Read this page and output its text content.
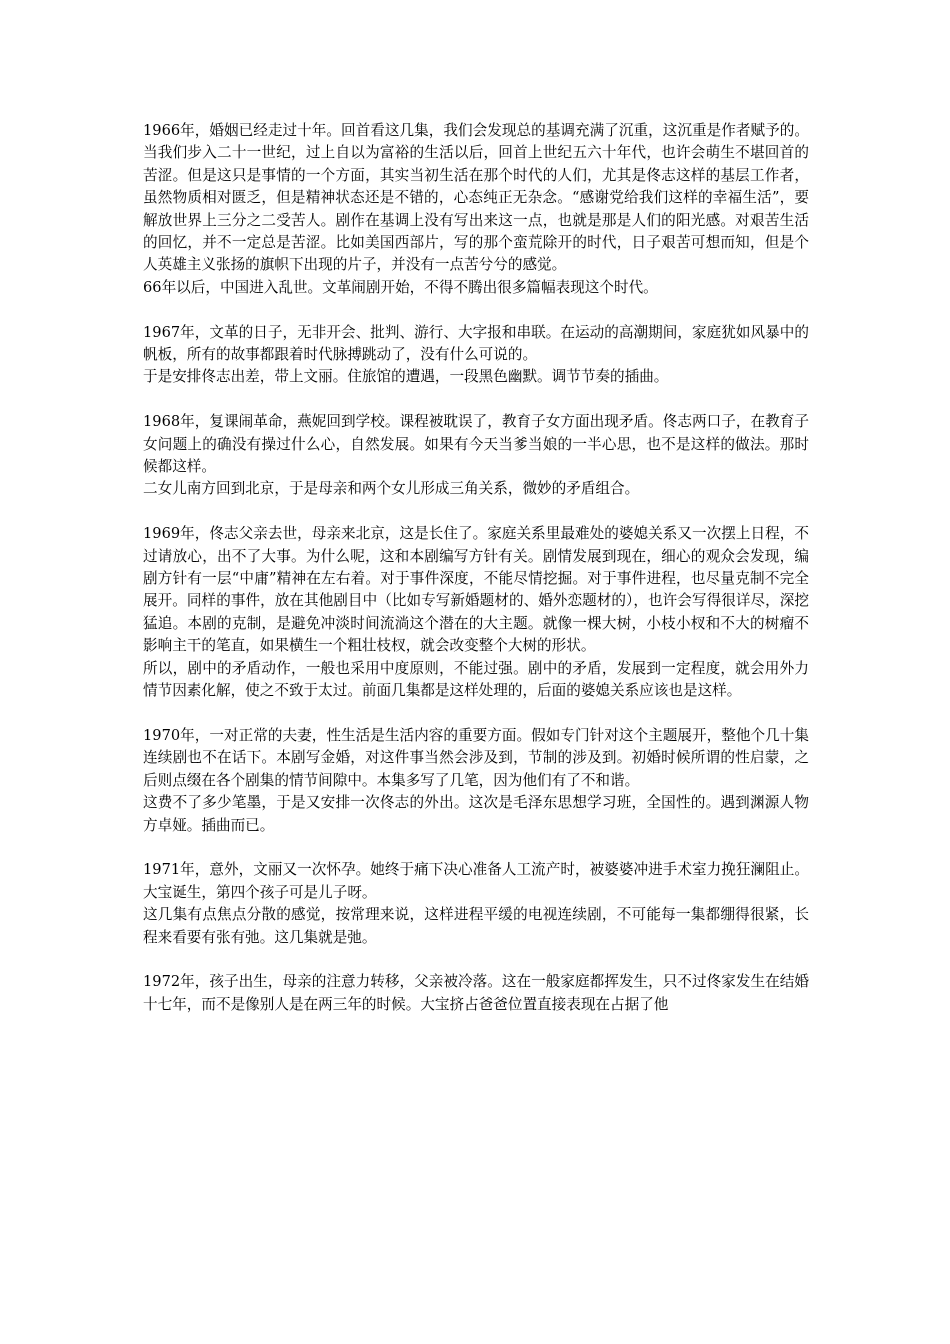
1966年，婚姻已经走过十年。回首看这几集，我们会发现总的基调充满了沉重，这沉重是作者赋予的。当我们步入二十一世纪，过上自以为富裕的生活以后，回首上世纪五六十年代，也许会萌生不堪回首的苦涩。但是这只是事情的一个方面，其实当初生活在那个时代的人们，尤其是佟志这样的基层工作者，虽然物质相对匮乏，但是精神状态还是不错的，心态纯正无杂念。“感谢党给我们这样的幸福生活”，要解放世界上三分之二受苦人。剧作在基调上没有写出来这一点，也就是那是人们的阳光感。对艰苦生活的回忆，并不一定总是苦涩。比如美国西部片，写的那个蛮荒除开的时代，日子艰苦可想而知，但是个人英雄主义张扬的旗帜下出现的片子，并没有一点苦兮兮的感觉。

66年以后，中国进入乱世。文革闹剧开始，不得不腾出很多篇幅表现这个时代。

1967年，文革的日子，无非开会、批判、游行、大字报和串联。在运动的高潮期间，家庭犹如风暴中的帆板，所有的故事都跟着时代脉搏跳动了，没有什么可说的。

于是安排佟志出差，带上文丽。住旅馆的遭遇，一段黑色幽默。调节节奏的插曲。

1968年，复课闹革命，燕妮回到学校。课程被耽误了，教育子女方面出现矛盾。佟志两口子，在教育子女问题上的确没有操过什么心，自然发展。如果有今天当爹当娘的一半心思，也不是这样的做法。那时候都这样。

二女儿南方回到北京，于是母亲和两个女儿形成三角关系，微妙的矛盾组合。

1969年，佟志父亲去世，母亲来北京，这是长住了。家庭关系里最难处的婆媳关系又一次摆上日程，不过请放心，出不了大事。为什么呢，这和本剧编写方针有关。剧情发展到现在，细心的观众会发现，编剧方针有一层“中庸”精神在左右着。对于事件深度，不能尽情挖掘。对于事件进程，也尽量克制不完全展开。同样的事件，放在其他剧目中（比如专写新婚题材的、婚外恋题材的），也许会写得很详尽，深挖猛追。本剧的克制，是避免冲淡时间流淌这个潜在的大主题。就像一棵大树，小枝小杈和不大的树瘤不影响主干的笔直，如果横生一个粗壮枝杈，就会改变整个大树的形状。

所以，剧中的矛盾动作，一般也采用中度原则，不能过强。剧中的矛盾，发展到一定程度，就会用外力情节因素化解，使之不致于太过。前面几集都是这样处理的，后面的婆媳关系应该也是这样。

1970年，一对正常的夫妻，性生活是生活内容的重要方面。假如专门针对这个主题展开，整他个几十集连续剧也不在话下。本剧写金婚，对这件事当然会涉及到，节制的涉及到。初婚时候所谓的性启蒙，之后则点缀在各个剧集的情节间隙中。本集多写了几笔，因为他们有了不和谐。

这费不了多少笔墨，于是又安排一次佟志的外出。这次是毛泽东思想学习班，全国性的。遇到渊源人物方卓娅。插曲而已。

1971年，意外，文丽又一次怀孕。她终于痛下决心准备人工流产时，被婆婆冲进手术室力挽狂澜阻止。大宝诞生，第四个孩子可是儿子呀。

这几集有点焦点分散的感觉，按常理来说，这样进程平缓的电视连续剧，不可能每一集都绷得很紧，长程来看要有张有弛。这几集就是弛。

1972年，孩子出生，母亲的注意力转移，父亲被冷落。这在一般家庭都挥发生，只不过佟家发生在结婚十七年，而不是像别人是在两三年的时候。大宝挤占爸爸位置直接表现在占据了他
